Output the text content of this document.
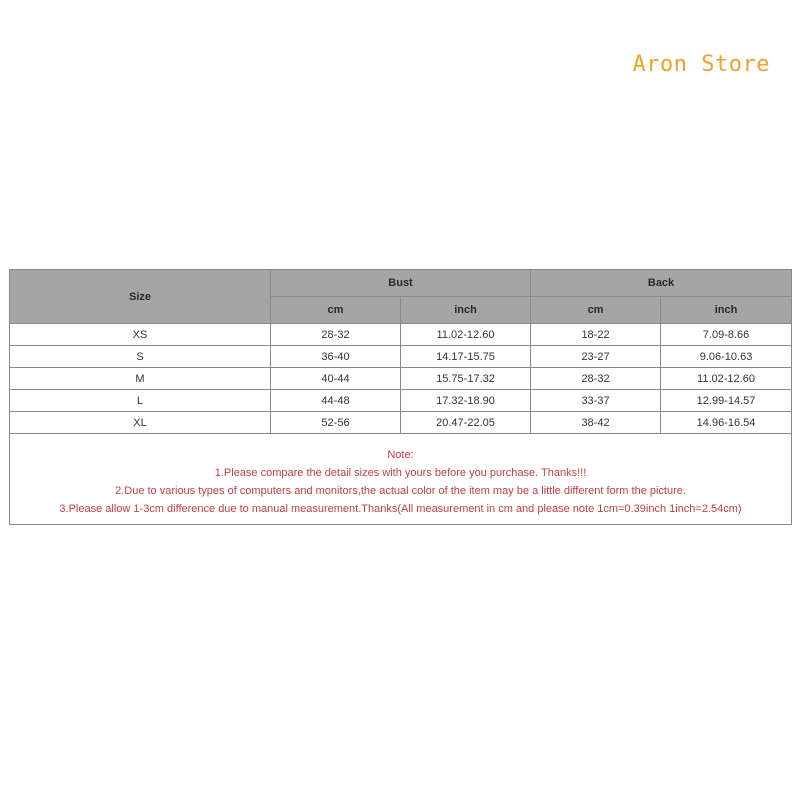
Aron Store
Size	Bust		Back	
	cm	inch	cm	inch
XS	28-32	11.02-12.60	18-22	7.09-8.66
S	36-40	14.17-15.75	23-27	9.06-10.63
M	40-44	15.75-17.32	28-32	11.02-12.60
L	44-48	17.32-18.90	33-37	12.99-14.57
XL	52-56	20.47-22.05	38-42	14.96-16.54

Note:
1.Please compare the detail sizes with yours before you purchase. Thanks!!!
2.Due to various types of computers and monitors,the actual color of the item may be a little different form the picture.
3.Please allow 1-3cm difference due to manual measurement.Thanks(All measurement in cm and please note 1cm=0.39inch 1inch=2.54cm)				
